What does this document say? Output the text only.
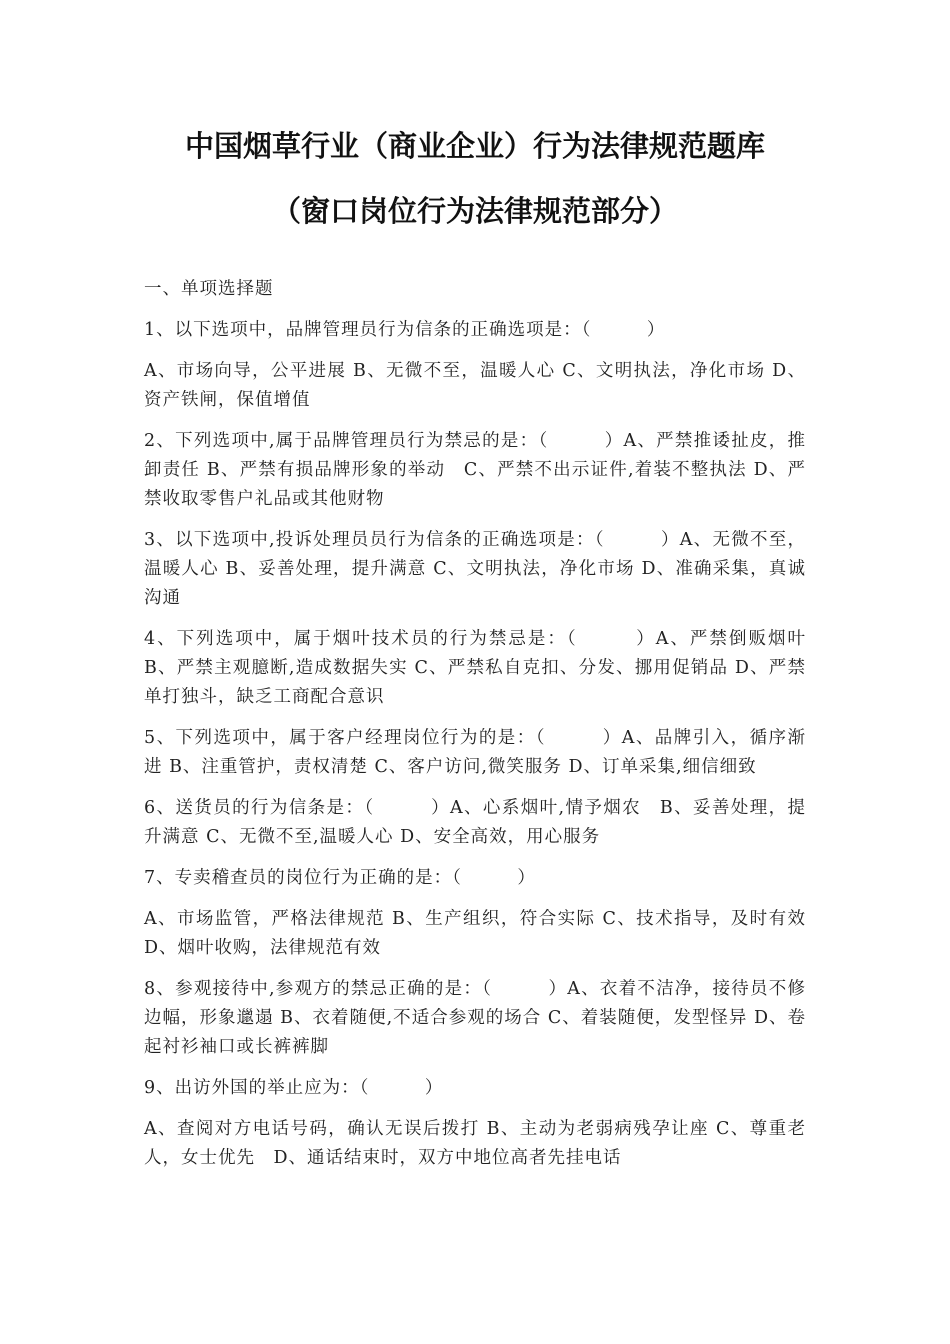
中国烟草行业（商业企业）行为法律规范题库
（窗口岗位行为法律规范部分）
一、单项选择题

1、以下选项中，品牌管理员行为信条的正确选项是：（　　　）

A、市场向导，公平进展 B、无微不至，温暖人心 C、文明执法，净化市场 D、资产铁闸，保值增值

2、下列选项中,属于品牌管理员行为禁忌的是：（　　　）A、严禁推诿扯皮，推卸责任 B、严禁有损品牌形象的举动　C、严禁不出示证件,着装不整执法 D、严禁收取零售户礼品或其他财物

3、以下选项中,投诉处理员员行为信条的正确选项是：（　　　）A、无微不至，温暖人心 B、妥善处理，提升满意 C、文明执法，净化市场 D、准确采集，真诚沟通

4、下列选项中，属于烟叶技术员的行为禁忌是：（　　　）A、严禁倒贩烟叶 B、严禁主观臆断,造成数据失实 C、严禁私自克扣、分发、挪用促销品 D、严禁单打独斗，缺乏工商配合意识

5、下列选项中，属于客户经理岗位行为的是：（　　　）A、品牌引入，循序渐进 B、注重管护，责权清楚 C、客户访问,微笑服务 D、订单采集,细信细致

6、送货员的行为信条是：（　　　）A、心系烟叶,情予烟农　B、妥善处理，提升满意 C、无微不至,温暖人心 D、安全高效，用心服务

7、专卖稽查员的岗位行为正确的是：（　　　）

A、市场监管，严格法律规范 B、生产组织，符合实际 C、技术指导，及时有效 D、烟叶收购，法律规范有效

8、参观接待中,参观方的禁忌正确的是：（　　　）A、衣着不洁净，接待员不修边幅，形象邋遢 B、衣着随便,不适合参观的场合 C、着装随便，发型怪异 D、卷起衬衫袖口或长裤裤脚

9、出访外国的举止应为：（　　　）

A、查阅对方电话号码，确认无误后拨打 B、主动为老弱病残孕让座 C、尊重老人，女士优先　D、通话结束时，双方中地位高者先挂电话
